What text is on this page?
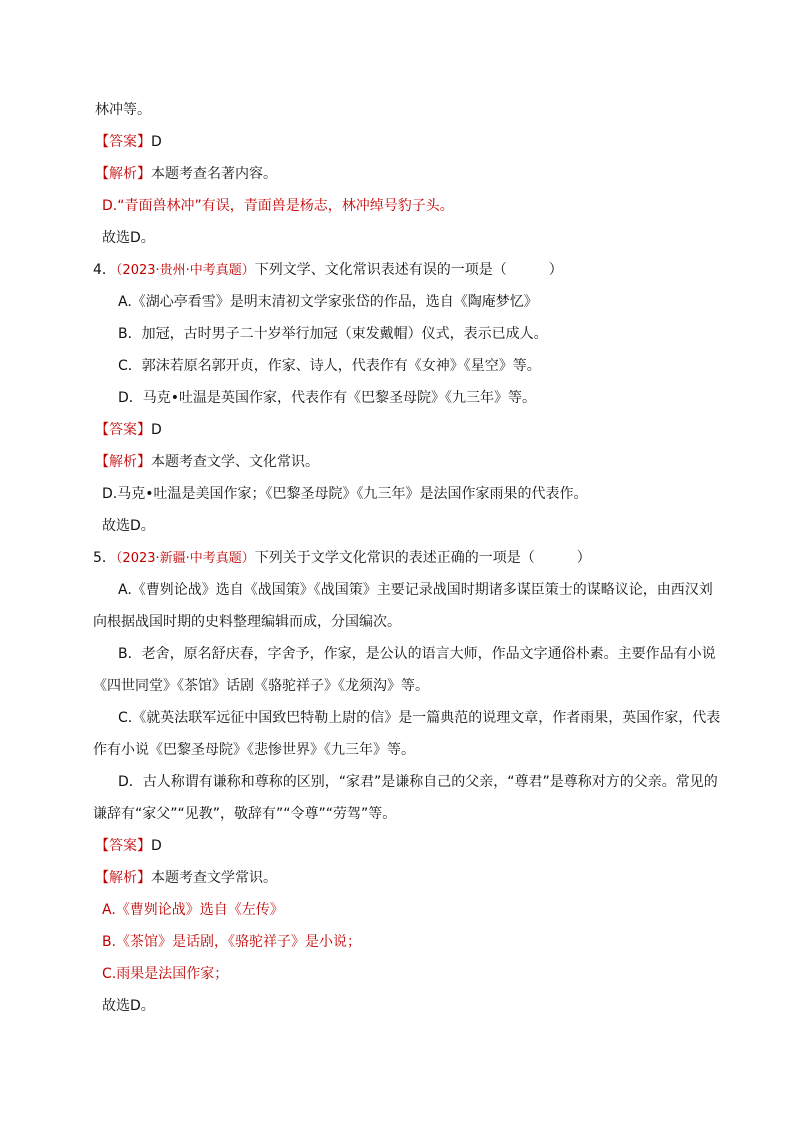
林冲等。
【答案】D
【解析】本题考查名著内容。
D.“青面兽林冲”有误，青面兽是杨志，林冲绰号豹子头。
故选D。
4．（2023·贵州·中考真题）下列文学、文化常识表述有误的一项是（　　　）
A.《湖心亭看雪》是明末清初文学家张岱的作品，选自《陶庵梦忆》
B．加冠，古时男子二十岁举行加冠（束发戴帽）仪式，表示已成人。
C．郭沫若原名郭开贞，作家、诗人，代表作有《女神》《星空》等。
D．马克•吐温是英国作家，代表作有《巴黎圣母院》《九三年》等。
【答案】D
【解析】本题考查文学、文化常识。
D.马克•吐温是美国作家；《巴黎圣母院》《九三年》是法国作家雨果的代表作。
故选D。
5．（2023·新疆·中考真题）下列关于文学文化常识的表述正确的一项是（　　　）
A.《曹刿论战》选自《战国策》《战国策》主要记录战国时期诸多谋臣策士的谋略议论，由西汉刘
向根据战国时期的史料整理编辑而成，分国编次。
B．老舍，原名舒庆春，字舍予，作家，是公认的语言大师，作品文字通俗朴素。主要作品有小说
《四世同堂》《茶馆》话剧《骆驼祥子》《龙须沟》等。
C.《就英法联军远征中国致巴特勒上尉的信》是一篇典范的说理文章，作者雨果，英国作家，代表
作有小说《巴黎圣母院》《悲惨世界》《九三年》等。
D．古人称谓有谦称和尊称的区别，“家君”是谦称自己的父亲，“尊君”是尊称对方的父亲。常见的
谦辞有“家父”“见教”，敬辞有”“令尊”“劳驾”等。
【答案】D
【解析】本题考查文学常识。
A.《曹刿论战》选自《左传》
B.《茶馆》是话剧，《骆驼祥子》是小说；
C.雨果是法国作家；
故选D。
